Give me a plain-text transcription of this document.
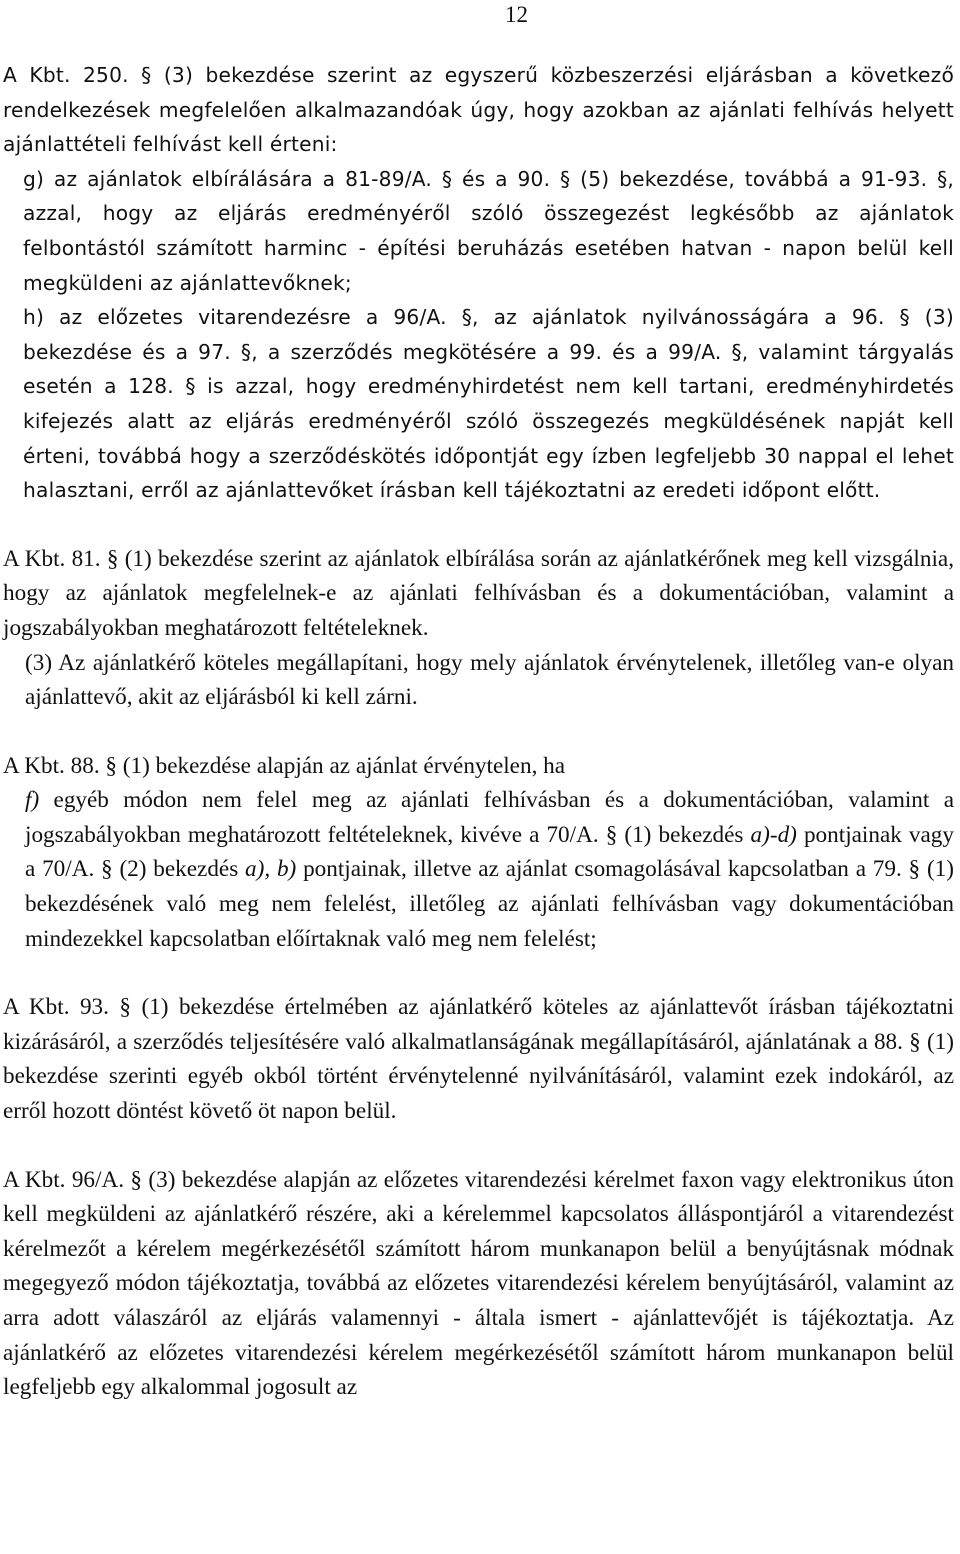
12

A Kbt. 250. § (3) bekezdése szerint az egyszerű közbeszerzési eljárásban a következő rendelkezések megfelelően alkalmazandóak úgy, hogy azokban az ajánlati felhívás helyett ajánlattételi felhívást kell érteni:

g) az ajánlatok elbírálására a 81-89/A. § és a 90. § (5) bekezdése, továbbá a 91-93. §, azzal, hogy az eljárás eredményéről szóló összegezést legkésőbb az ajánlatok felbontástól számított harminc - építési beruházás esetében hatvan - napon belül kell megküldeni az ajánlattevőknek;

h) az előzetes vitarendezésre a 96/A. §, az ajánlatok nyilvánosságára a 96. § (3) bekezdése és a 97. §, a szerződés megkötésére a 99. és a 99/A. §, valamint tárgyalás esetén a 128. § is azzal, hogy eredményhirdetést nem kell tartani, eredményhirdetés kifejezés alatt az eljárás eredményéről szóló összegezés megküldésének napját kell érteni, továbbá hogy a szerződéskötés időpontját egy ízben legfeljebb 30 nappal el lehet halasztani, erről az ajánlattevőket írásban kell tájékoztatni az eredeti időpont előtt.

A Kbt. 81. § (1) bekezdése szerint az ajánlatok elbírálása során az ajánlatkérőnek meg kell vizsgálnia, hogy az ajánlatok megfelelnek-e az ajánlati felhívásban és a dokumentációban, valamint a jogszabályokban meghatározott feltételeknek.

(3) Az ajánlatkérő köteles megállapítani, hogy mely ajánlatok érvénytelenek, illetőleg van-e olyan ajánlattevő, akit az eljárásból ki kell zárni.

A Kbt. 88. § (1) bekezdése alapján az ajánlat érvénytelen, ha

f) egyéb módon nem felel meg az ajánlati felhívásban és a dokumentációban, valamint a jogszabályokban meghatározott feltételeknek, kivéve a 70/A. § (1) bekezdés a)-d) pontjainak vagy a 70/A. § (2) bekezdés a), b) pontjainak, illetve az ajánlat csomagolásával kapcsolatban a 79. § (1) bekezdésének való meg nem felelést, illetőleg az ajánlati felhívásban vagy dokumentációban mindezekkel kapcsolatban előírtaknak való meg nem felelést;

A Kbt. 93. § (1) bekezdése értelmében az ajánlatkérő köteles az ajánlattevőt írásban tájékoztatni kizárásáról, a szerződés teljesítésére való alkalmatlanságának megállapításáról, ajánlatának a 88. § (1) bekezdése szerinti egyéb okból történt érvénytelenné nyilvánításáról, valamint ezek indokáról, az erről hozott döntést követő öt napon belül.

A Kbt. 96/A. § (3) bekezdése alapján az előzetes vitarendezési kérelmet faxon vagy elektronikus úton kell megküldeni az ajánlatkérő részére, aki a kérelemmel kapcsolatos álláspontjáról a vitarendezést kérelmezőt a kérelem megérkezésétől számított három munkanapon belül a benyújtásnak módnak megegyező módon tájékoztatja, továbbá az előzetes vitarendezési kérelem benyújtásáról, valamint az arra adott válaszáról az eljárás valamennyi - általa ismert - ajánlattevőjét is tájékoztatja. Az ajánlatkérő az előzetes vitarendezési kérelem megérkezésétől számított három munkanapon belül legfeljebb egy alkalommal jogosult az
